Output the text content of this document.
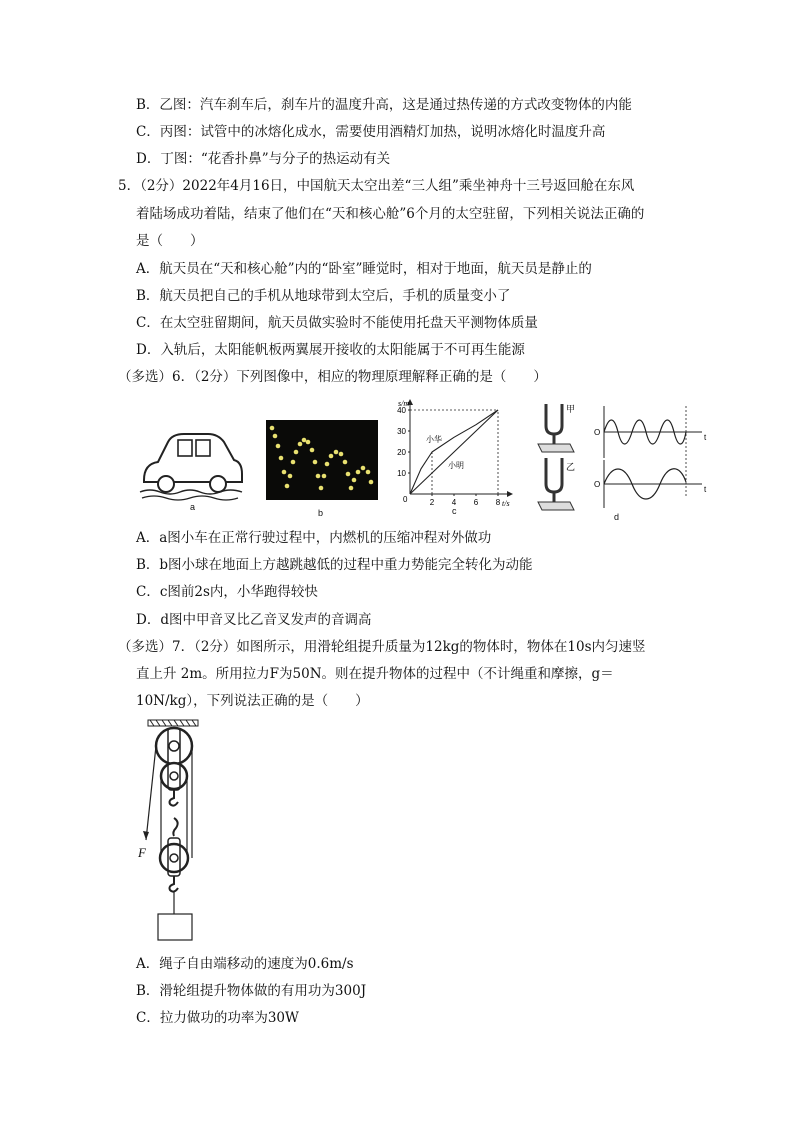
B．乙图：汽车刹车后，刹车片的温度升高，这是通过热传递的方式改变物体的内能
C．丙图：试管中的冰熔化成水，需要使用酒精灯加热，说明冰熔化时温度升高
D．丁图：“花香扑鼻”与分子的热运动有关
5．（2分）2022年4月16日，中国航天太空出差“三人组”乘坐神舟十三号返回舱在东风
着陆场成功着陆，结束了他们在“天和核心舱”6个月的太空驻留，下列相关说法正确的
是（　　）
A．航天员在“天和核心舱”内的“卧室”睡觉时，相对于地面，航天员是静止的
B．航天员把自己的手机从地球带到太空后，手机的质量变小了
C．在太空驻留期间，航天员做实验时不能使用托盘天平测物体质量
D．入轨后，太阳能帆板两翼展开接收的太阳能属于不可再生能源
（多选）6．（2分）下列图像中，相应的物理原理解释正确的是（　　）
a
b
10
20
30
40
2 4 6 8
s/m
t/s
0
小华
小明
c
甲
乙
O
t
O
t
d
A．a图小车在正常行驶过程中，内燃机的压缩冲程对外做功
B．b图小球在地面上方越跳越低的过程中重力势能完全转化为动能
C．c图前2s内，小华跑得较快
D．d图中甲音叉比乙音叉发声的音调高
（多选）7．（2分）如图所示，用滑轮组提升质量为12kg的物体时，物体在10s内匀速竖
直上升 2m。所用拉力F为50N。则在提升物体的过程中（不计绳重和摩擦，g＝
10N/kg），下列说法正确的是（　　）
F
A．绳子自由端移动的速度为0.6m/s
B．滑轮组提升物体做的有用功为300J
C．拉力做功的功率为30W
